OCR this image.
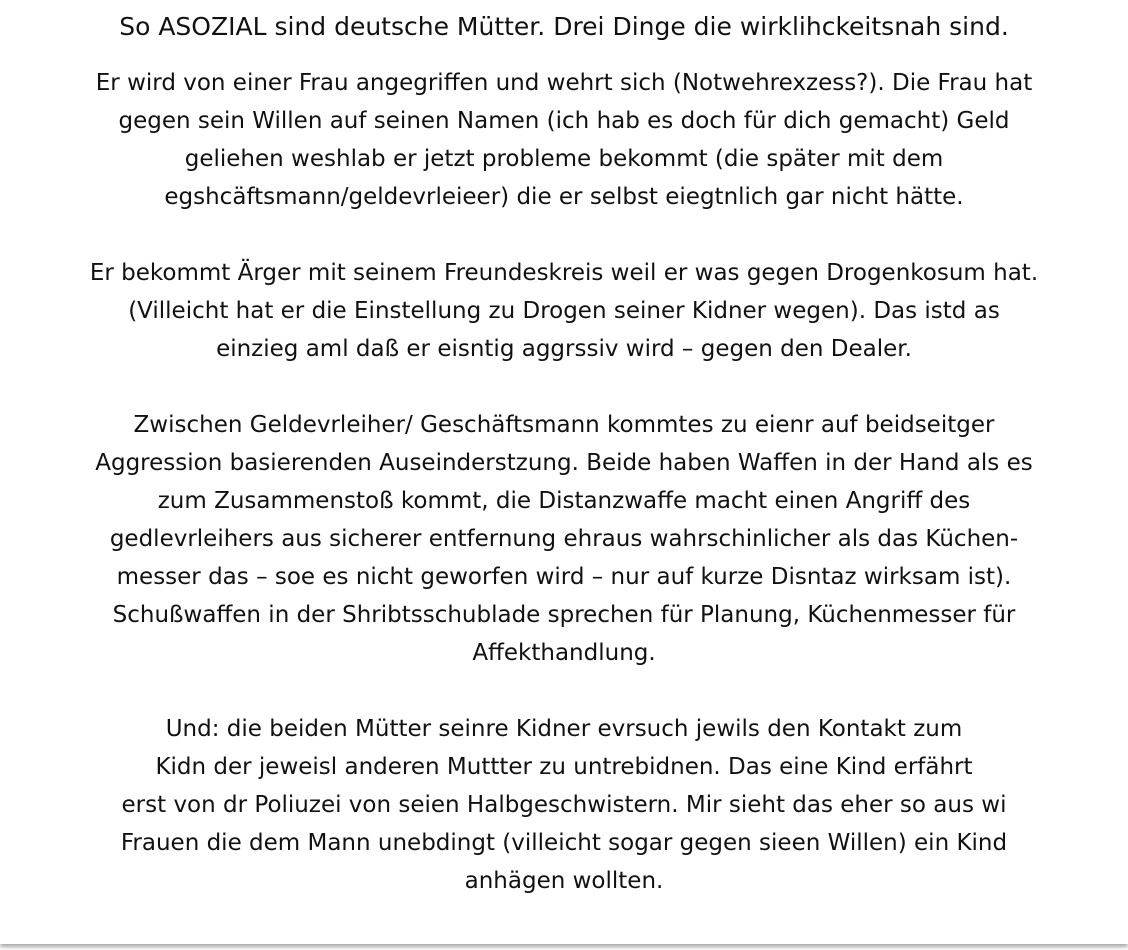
So ASOZIAL sind deutsche Mütter. Drei Dinge die wirklihckeitsnah sind.
Er wird von einer Frau angegriffen und wehrt sich (Notwehrexzess?). Die Frau hat
gegen sein Willen auf seinen Namen (ich hab es doch für dich gemacht) Geld
geliehen weshlab er jetzt probleme bekommt (die später mit dem
egshcäftsmann/geldevrleieer) die er selbst eiegtnlich gar nicht hätte.
Er bekommt Ärger mit seinem Freundeskreis weil er was gegen Drogenkosum hat.
(Villeicht hat er die Einstellung zu Drogen seiner Kidner wegen). Das istd as
einzieg aml daß er eisntig aggrssiv wird – gegen den Dealer.
Zwischen Geldevrleiher/ Geschäftsmann kommtes zu eienr auf beidseitger
Aggression basierenden Auseinderstzung. Beide haben Waffen in der Hand als es
zum Zusammenstoß kommt, die Distanzwaffe macht einen Angriff des
gedlevrleihers aus sicherer entfernung ehraus wahrschinlicher als das Küchen-
messer das – soe es nicht geworfen wird – nur auf kurze Disntaz wirksam ist).
Schußwaffen in der Shribtsschublade sprechen für Planung, Küchenmesser für
Affekthandlung.
Und: die beiden Mütter seinre Kidner evrsuch jewils den Kontakt zum
Kidn der jeweisl anderen Muttter zu untrebidnen. Das eine Kind erfährt
erst von dr Poliuzei von seien Halbgeschwistern. Mir sieht das eher so aus wi
Frauen die dem Mann unebdingt (villeicht sogar gegen sieen Willen) ein Kind
anhägen wollten.
